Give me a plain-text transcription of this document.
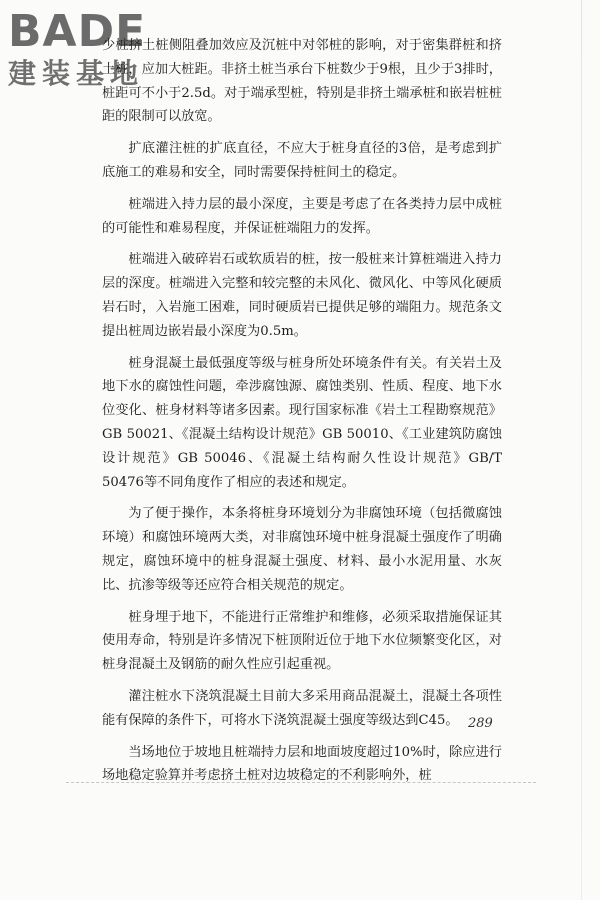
BADE
建装基地

少桩挤土桩侧阻叠加效应及沉桩中对邻桩的影响，对于密集群桩和挤土桩，应加大桩距。非挤土桩当承台下桩数少于9根，且少于3排时，桩距可不小于2.5d。对于端承型桩，特别是非挤土端承桩和嵌岩桩桩距的限制可以放宽。

扩底灌注桩的扩底直径，不应大于桩身直径的3倍，是考虑到扩底施工的难易和安全，同时需要保持桩间土的稳定。

桩端进入持力层的最小深度，主要是考虑了在各类持力层中成桩的可能性和难易程度，并保证桩端阻力的发挥。

桩端进入破碎岩石或软质岩的桩，按一般桩来计算桩端进入持力层的深度。桩端进入完整和较完整的未风化、微风化、中等风化硬质岩石时，入岩施工困难，同时硬质岩已提供足够的端阻力。规范条文提出桩周边嵌岩最小深度为0.5m。

桩身混凝土最低强度等级与桩身所处环境条件有关。有关岩土及地下水的腐蚀性问题，牵涉腐蚀源、腐蚀类别、性质、程度、地下水位变化、桩身材料等诸多因素。现行国家标准《岩土工程勘察规范》GB 50021、《混凝土结构设计规范》GB 50010、《工业建筑防腐蚀设计规范》GB 50046、《混凝土结构耐久性设计规范》GB/T 50476等不同角度作了相应的表述和规定。

为了便于操作，本条将桩身环境划分为非腐蚀环境（包括微腐蚀环境）和腐蚀环境两大类，对非腐蚀环境中桩身混凝土强度作了明确规定，腐蚀环境中的桩身混凝土强度、材料、最小水泥用量、水灰比、抗渗等级等还应符合相关规范的规定。

桩身埋于地下，不能进行正常维护和维修，必须采取措施保证其使用寿命，特别是许多情况下桩顶附近位于地下水位频繁变化区，对桩身混凝土及钢筋的耐久性应引起重视。

灌注桩水下浇筑混凝土目前大多采用商品混凝土，混凝土各项性能有保障的条件下，可将水下浇筑混凝土强度等级达到C45。

当场地位于坡地且桩端持力层和地面坡度超过10%时，除应进行场地稳定验算并考虑挤土桩对边坡稳定的不利影响外，桩

289
